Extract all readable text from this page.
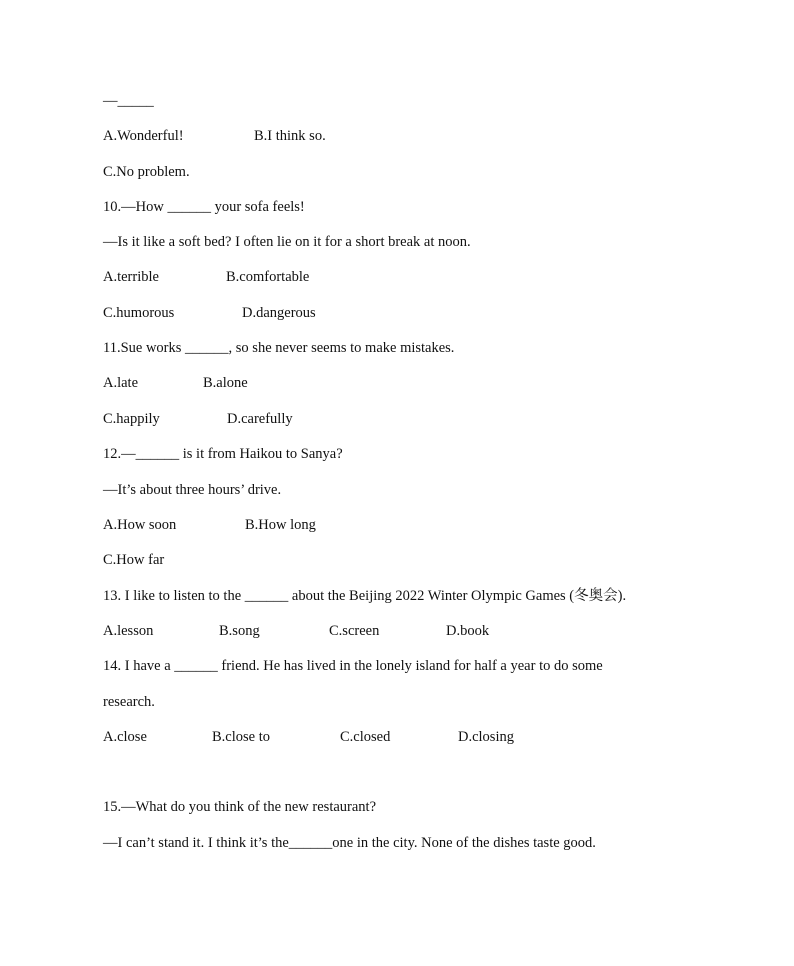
—_____
A.Wonderful!	B.I think so.
C.No problem.
10.—How ______ your sofa feels!
—Is it like a soft bed? I often lie on it for a short break at noon.
A.terrible	B.comfortable
C.humorous	D.dangerous
11.Sue works ______, so she never seems to make mistakes.
A.late	B.alone
C.happily	D.carefully
12.—______ is it from Haikou to Sanya?
—It’s about three hours’ drive.
A.How soon	B.How long
C.How far
13. I like to listen to the ______ about the Beijing 2022 Winter Olympic Games (冬奥会).
A.lesson	B.song	C.screen	D.book
14. I have a ______ friend. He has lived in the lonely island for half a year to do some
research.
A.close	B.close to	C.closed	D.closing
15.—What do you think of the new restaurant?
—I can’t stand it. I think it’s the______one in the city. None of the dishes taste good.
